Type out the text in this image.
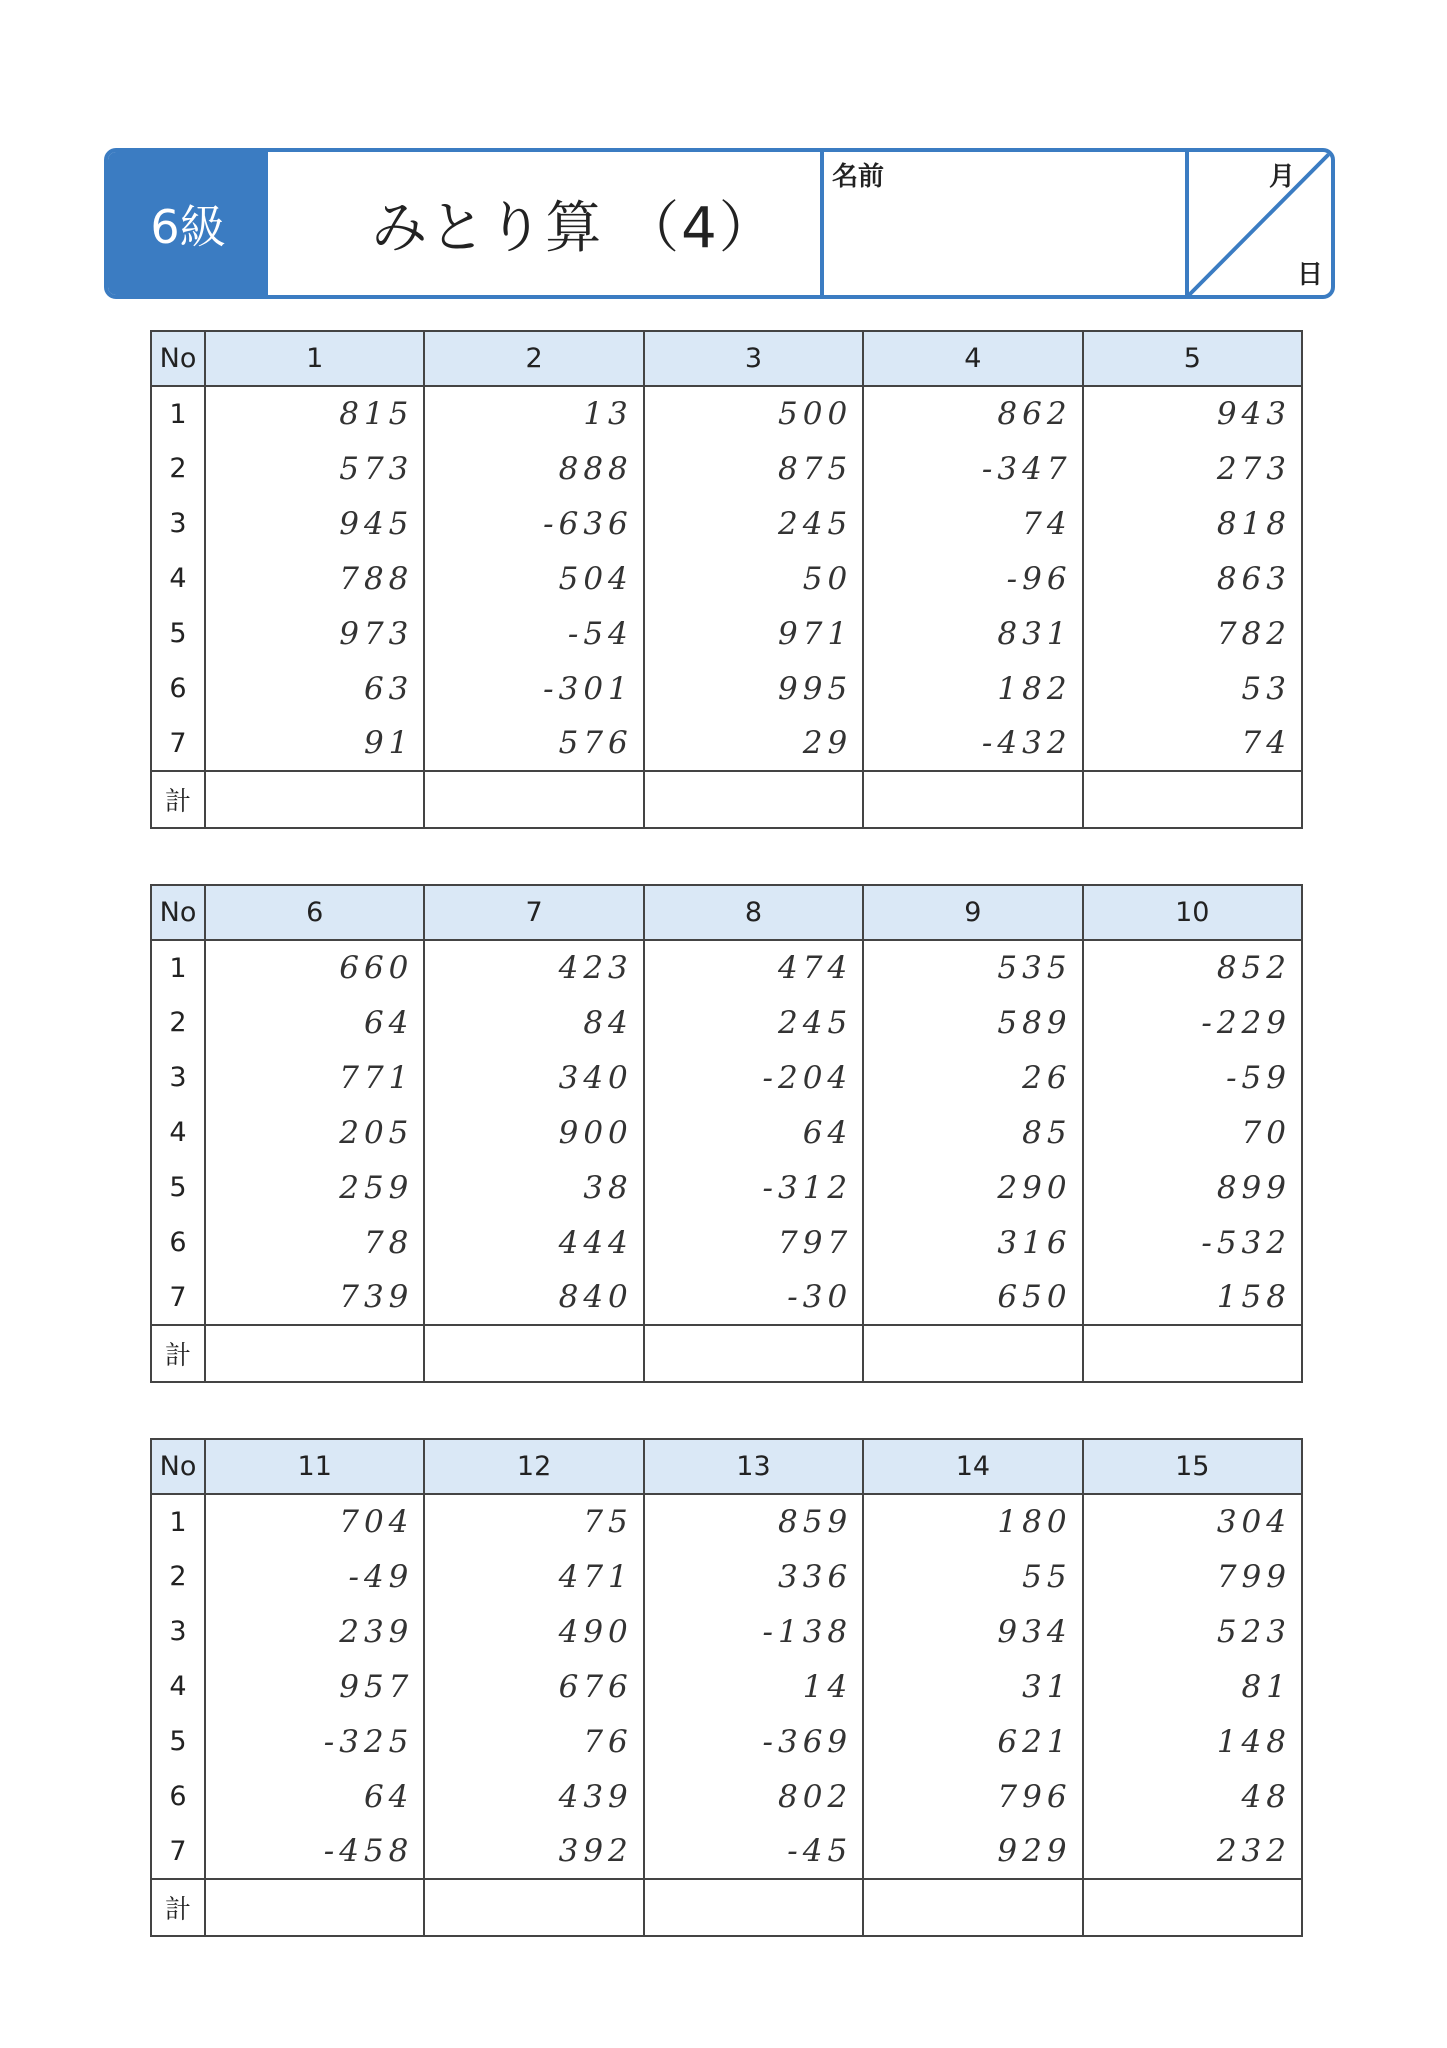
6級	みとり算 （4）
名前	月
日
No	1	2	3	4	5
1	815	13	500	862	943
2	573	888	875	-347	273
3	945	-636	245	74	818
4	788	504	50	-96	863
5	973	-54	971	831	782
6	63	-301	995	182	53
7	91	576	29	-432	74
計					
No	6	7	8	9	10
1	660	423	474	535	852
2	64	84	245	589	-229
3	771	340	-204	26	-59
4	205	900	64	85	70
5	259	38	-312	290	899
6	78	444	797	316	-532
7	739	840	-30	650	158
計					
No	11	12	13	14	15
1	704	75	859	180	304
2	-49	471	336	55	799
3	239	490	-138	934	523
4	957	676	14	31	81
5	-325	76	-369	621	148
6	64	439	802	796	48
7	-458	392	-45	929	232
計					
